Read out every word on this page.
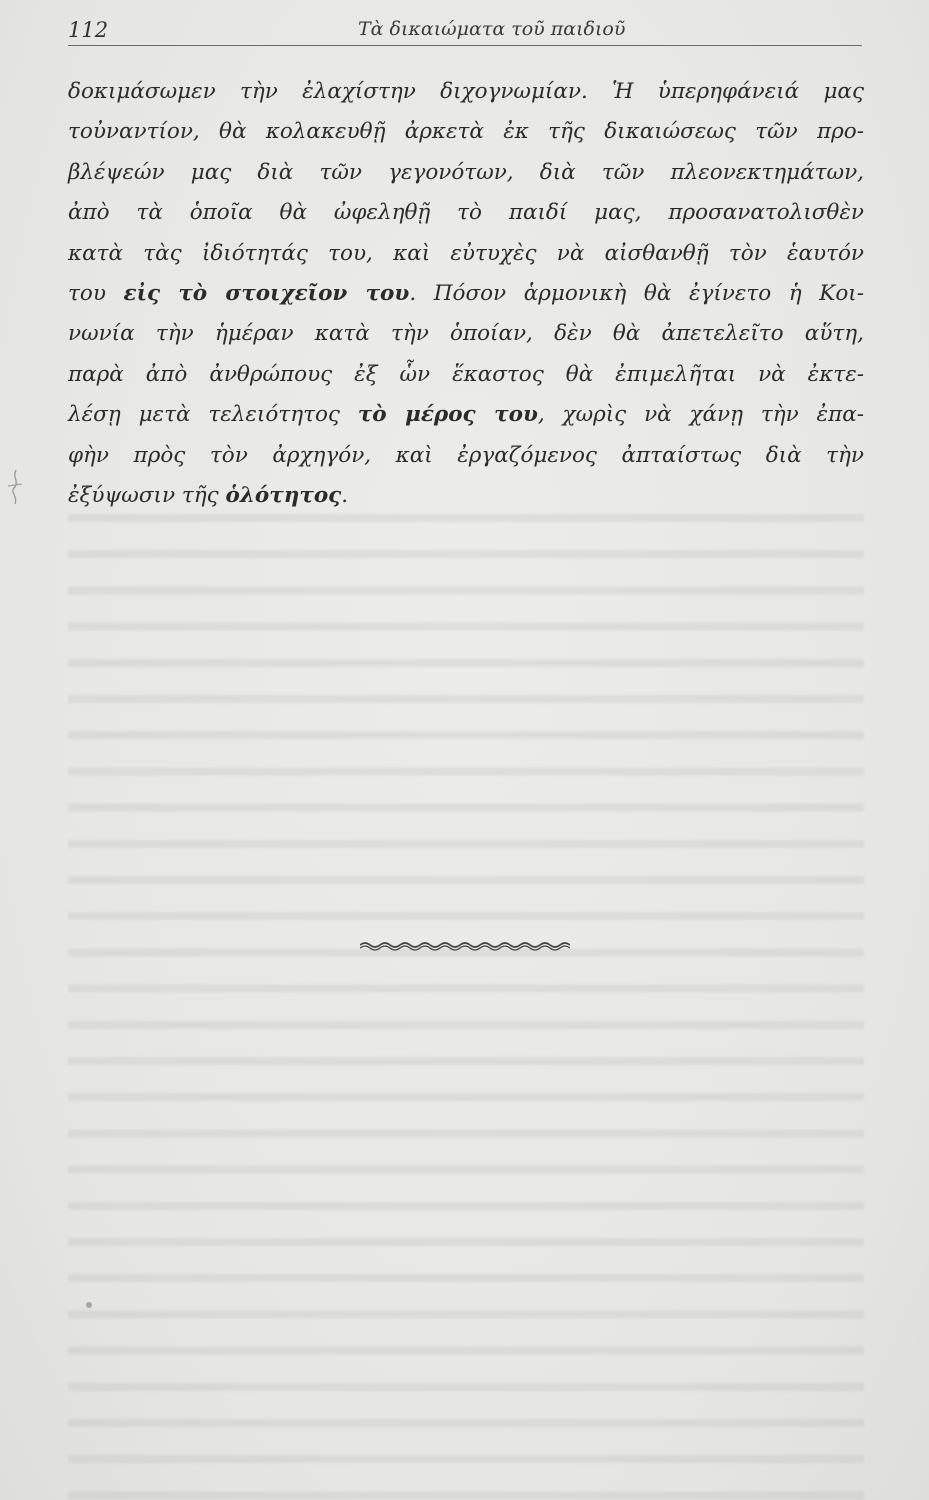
112	Τὰ δικαιώματα τοῦ παιδιοῦ
δοκιμάσωμεν τὴν ἐλαχίστην διχογνωμίαν. Ἡ ὑπερηφάνειά μας
τοὐναντίον, θὰ κολακευθῇ ἀρκετὰ ἐκ τῆς δικαιώσεως τῶν προ-
βλέψεών μας διὰ τῶν γεγονότων, διὰ τῶν πλεονεκτημάτων,
ἀπὸ τὰ ὁποῖα θὰ ὠφεληθῇ τὸ παιδί μας, προσανατολισθὲν
κατὰ τὰς ἰδιότητάς του, καὶ εὐτυχὲς νὰ αἰσθανθῇ τὸν ἑαυτόν
του εἰς τὸ στοιχεῖον του. Πόσον ἁρμονικὴ θὰ ἐγίνετο ἡ Κοι-
νωνία τὴν ἡμέραν κατὰ τὴν ὁποίαν, δὲν θὰ ἀπετελεῖτο αὕτη,
παρὰ ἀπὸ ἀνθρώπους ἐξ ὧν ἕκαστος θὰ ἐπιμελῆται νὰ ἐκτε-
λέσῃ μετὰ τελειότητος τὸ μέρος του, χωρὶς νὰ χάνῃ τὴν ἐπα-
φὴν πρὸς τὸν ἀρχηγόν, καὶ ἐργαζόμενος ἀπταίστως διὰ τὴν
ἐξύψωσιν τῆς ὁλότητος.
